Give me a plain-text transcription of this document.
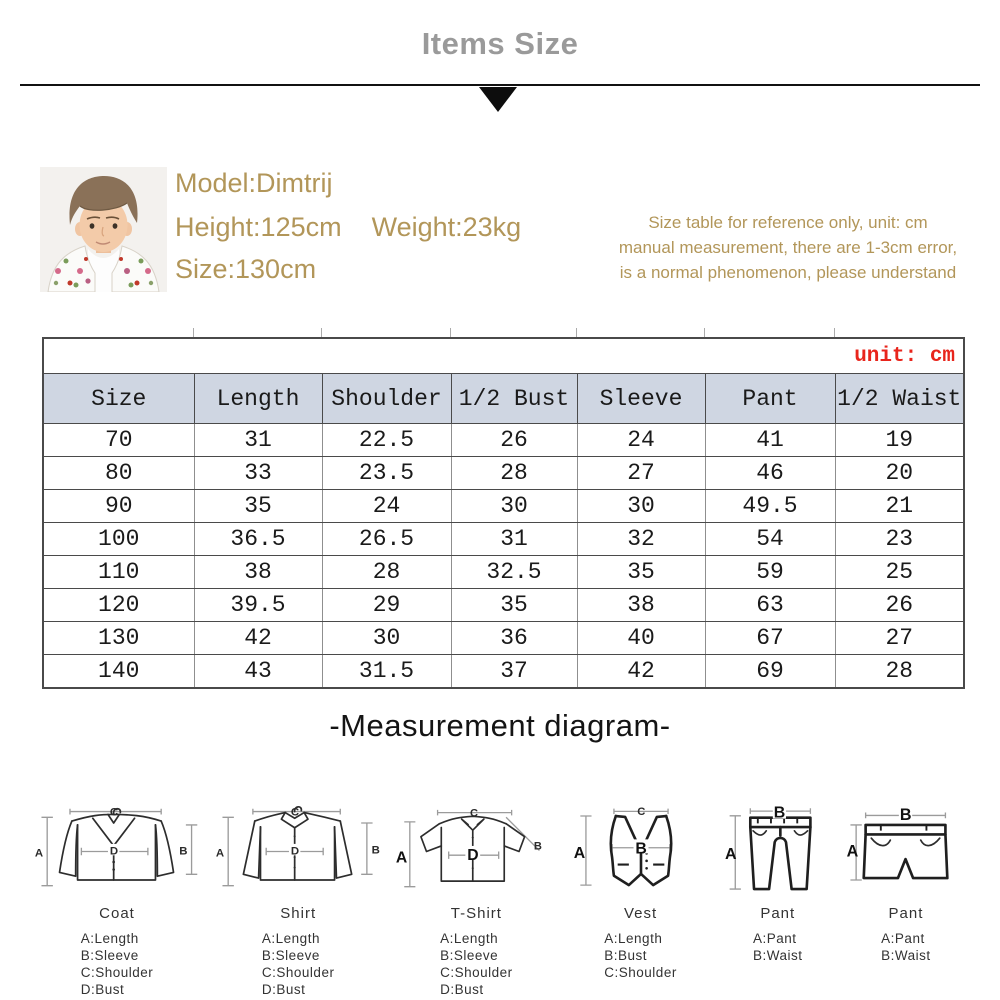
Items Size
Model:Dimtrij
Height:125cm Weight:23kg
Size:130cm
Size table for reference only, unit: cm
manual measurement, there are 1-3cm error,
is a normal phenomenon, please understand
unit: cm						
Size	Length	Shoulder	1/2 Bust	Sleeve	Pant	1/2 Waist
70	31	22.5	26	24	41	19
80	33	23.5	28	27	46	20
90	35	24	30	30	49.5	21
100	36.5	26.5	31	32	54	23
110	38	28	32.5	35	59	25
120	39.5	29	35	38	63	26
130	42	30	36	40	67	27
140	43	31.5	37	42	69	28
-Measurement diagram-
A	B
C
D
Coat
A:Length
B:Sleeve
C:Shoulder
D:Bust
A	B
C
D
Shirt
A:Length
B:Sleeve
C:Shoulder
D:Bust
A
B
C
D
T-Shirt
A:Length
B:Sleeve
C:Shoulder
D:Bust
A	B
C
Vest
A:Length
B:Bust
C:Shoulder
A
B
Pant
A:Pant
B:Waist
A
B
Pant
A:Pant
B:Waist
